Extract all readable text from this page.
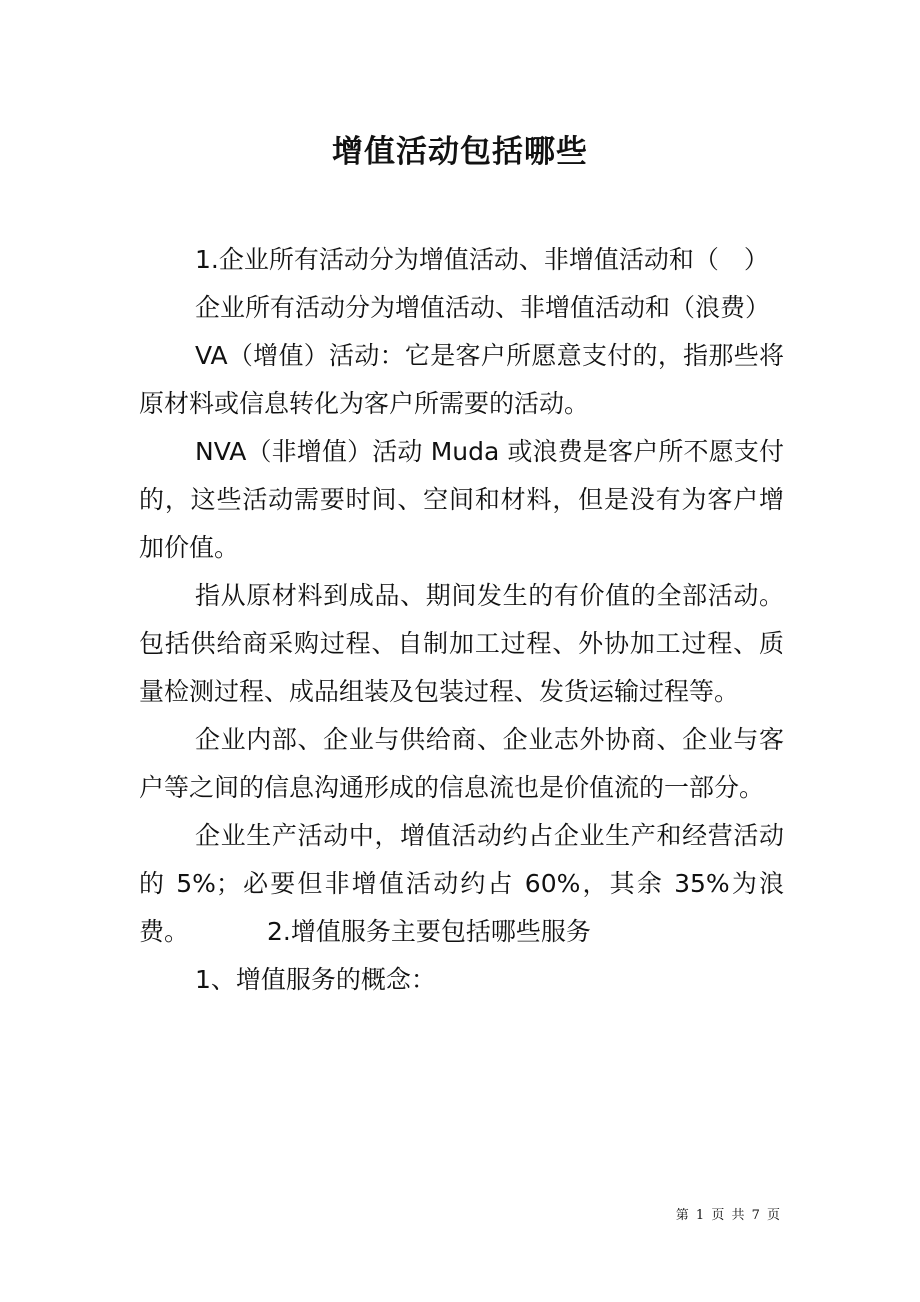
增值活动包括哪些

1.企业所有活动分为增值活动、非增值活动和（　）

企业所有活动分为增值活动、非增值活动和（浪费）

VA（增值）活动：它是客户所愿意支付的，指那些将原材料或信息转化为客户所需要的活动。

NVA（非增值）活动 Muda 或浪费是客户所不愿支付的，这些活动需要时间、空间和材料，但是没有为客户增加价值。

指从原材料到成品、期间发生的有价值的全部活动。包括供给商采购过程、自制加工过程、外协加工过程、质量检测过程、成品组装及包装过程、发货运输过程等。

企业内部、企业与供给商、企业志外协商、企业与客户等之间的信息沟通形成的信息流也是价值流的一部分。

企业生产活动中，增值活动约占企业生产和经营活动的 5%；必要但非增值活动约占 60%，其余 35%为浪费。	2.增值服务主要包括哪些服务

1、增值服务的概念：

第 1 页 共 7 页
